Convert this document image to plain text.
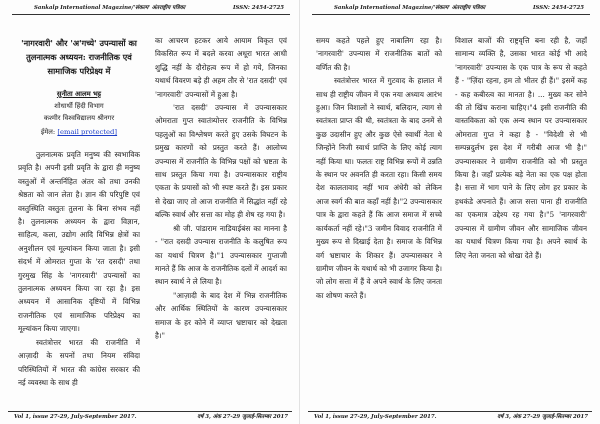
Sankalp International Magazine/'संकल्प' अंतराष्ट्रीय पत्रिका	ISSN: 2454-2725
'नागरवारी' और 'अ'गच्ये' उपन्यासों का तुलनात्मक अध्ययन: राजनीतिक एवं सामाजिक परिप्रेक्ष्य में
सुनीता आलम भट्ट
शोधार्थी हिंदी विभाग
कश्मीर विश्वविद्यालय श्रीनगर
ईमेल: [email protected]

तुलनात्मक प्रवृति मनुष्य की स्वभाविक प्रवृति है। अपनी इसी प्रवृति के द्वारा ही मनुष्य वस्तुओं में अन्तर्निहित अंतर को तथा उनकी श्रेष्ठता को जान लेता है। ज्ञान की परिपुष्टि एवं वस्तुस्थिति वस्तुतः तुलना के बिना संभव नहीं है। तुलनात्मक अध्ययन के द्वारा विज्ञान, साहित्य, कला, उद्योग आदि विभिन्न क्षेत्रों का अनुशीलन एवं मूल्यांकन किया जाता है। इसी संदर्भ में ओमरात गुप्ता के 'रत दसदी' तथा गुरमुख सिंह के 'नागरवारी' उपन्यासों का तुलनात्मक अध्ययन किया जा रहा है। इस अध्ययन में आसानिक दृष्टियों में विभिन्न राजनीतिक एवं सामाजिक परिप्रेक्ष्य का मूल्यांकन किया जाएगा।

स्वतंत्रोत्तर भारत की राजनीति में आज़ादी के सपनों तथा नियम संविदा परिस्थितियों में भारत की कांग्रेस सरकार की नई व्यवस्था के साथ ही

का आचरण हटकर आये आयाम विकृत एवं विकसित रूप में बदले करवा अधूरा भारत आधी शुद्धि नहीं के दौरोहत्व रूप में हो गये, जिनका यथार्थ विवरण बड़े ही अहम तौर से 'रात दसदी' एवं 'नागरवारी' उपन्यासों में हुआ है।

'रात दसदी' उपन्यास में उपन्यासकार ओमराता गुप्त स्वातंत्र्योत्तर राजनीति के विभिन्न पहलुओं का विश्लेषण करते हुए उसके विघटन के प्रमुख कारणों को प्रस्तुत करते हैं। आलोच्य उपन्यास में राजनीति के विभिन्न पक्षों को भ्रष्टता के साथ प्रस्तुत किया गया है। उपन्यासकार राष्ट्रीय एकता के प्रयासों को भी स्पष्ट करते हैं। इस प्रकार से देखा जाए तो आज राजनीति में सिद्धांत नहीं रहे बल्कि स्वार्थ और सत्ता का मोह ही शेष रह गया है।

श्री जी. पांडाराम नाडियाईबंस का मानना है - "रात दसदी उपन्यास राजनीति के कलुषित रूप का यथार्थ चित्रण है।"1 उपन्यासकार गुप्ताजी मानते हैं कि आज के राजनीतिक दलों में आदर्श का स्थान स्वार्थ ने ले लिया है।

"आज़ादी के बाद देश में भिन्न राजनीतिक और आर्थिक स्थितियों के कारण उपन्यासकार समाज के हर कोने में व्याप्त भ्रष्टाचार को देखता है।"

Vol 1, issue 27-29, July-September 2017.	वर्ष 3, अंक 27-29 जुलाई-सितम्बर 2017
Sankalp International Magazine/'संकल्प' अंतराष्ट्रीय पत्रिका	ISSN: 2454-2725

समय कहते पहले हुए नाबालिग रहा है। 'नागरवारी' उपन्यास में राजनीतिक बातों को वर्णित की है।

स्वतंत्रोत्तर भारत में गुटवाद के हालात में साथ ही राष्ट्रीय जीवन में एक नया अध्याय आरंभ हुआ। जिन विशालों ने स्वार्थ, बलिदान, त्याग से स्वतंत्रता प्राप्त की थी, स्वतंत्रता के बाद उनमें से कुछ उदासीन हुए और कुछ ऐसे स्वार्थी नेता थे जिन्होंने निजी स्वार्थ प्राप्ति के लिए कोई त्याग नहीं किया था। फलतः राष्ट्र विभिन्न रूपों में उन्नति के स्थान पर अवनति ही करता रहा। किसी समय देश कालतावाद नहीं भाव अंधेरी को लेकिन आज स्वर्ग की बात कहाँ नहीं है।"2 उपन्यासकार पात्र के द्वारा कहते हैं कि आज समाज में सच्चे कार्यकर्ता नहीं रहे।"3 जमीन विवाद राजनीति में मुख्य रूप से दिखाई देता है। समाज के विभिन्न वर्ग भ्रष्टाचार के शिकार हैं। उपन्यासकार ने ग्रामीण जीवन के यथार्थ को भी उजागर किया है। जो लोग सत्ता में हैं वे अपने स्वार्थ के लिए जनता का शोषण करते हैं।

विशाल बाजों की राष्ट्रवृत्ति बना रही है, जहाँ सामान्य व्यक्ति है, उसका भारत कोई भी आदे 'नागरवारी' उपन्यास के एक पात्र के रूप से कहते हैं - "ज़िंदा रहना, हम तो भीतर ही हैं।" इसमें कह - कह कबीरत्व का मानता है। ... मुख्य कर सोने की तो खिंच कराना चाहिए।"4 इसी राजनीति की वास्तविकता को एक अन्य स्थान पर उपन्यासकार ओमराता गुप्त ने कहा है - "विदेशी से भी सम्पन्नदुर्लभ इस देश में गरीबी आज भी है।" उपन्यासकार ने ग्रामीण राजनीति को भी प्रस्तुत किया है। जहाँ प्रत्येक बड़े नेता का एक पक्ष होता है। सत्ता में भाग पाने के लिए लोग हर प्रकार के हथकंडे अपनाते हैं। आज सत्ता पाना ही राजनीति का एकमात्र उद्देश्य रह गया है।"5 'नागरवारी' उपन्यास में ग्रामीण जीवन और सामाजिक जीवन का यथार्थ चित्रण किया गया है। अपने स्वार्थ के लिए नेता जनता को धोखा देते हैं।

Vol 1, issue 27-29, July-September 2017.	वर्ष 3, अंक 27-29 जुलाई-सितम्बर 2017
